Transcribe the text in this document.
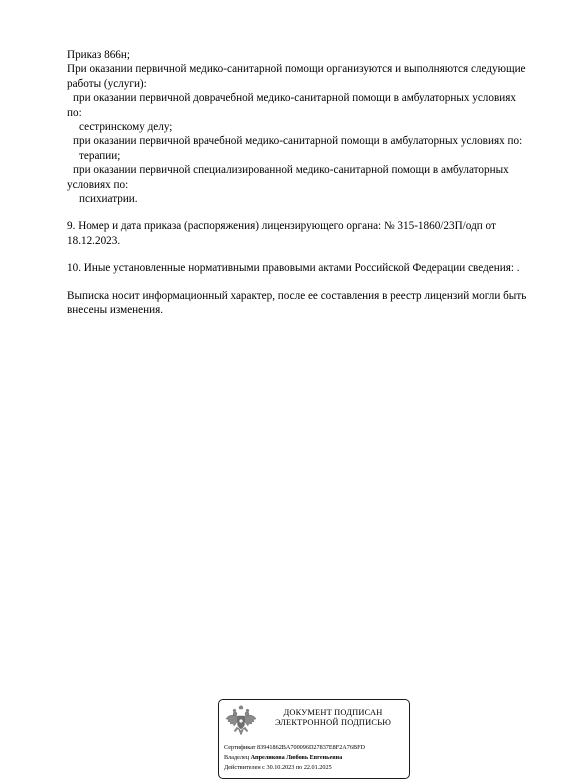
Приказ 866н;
При оказании первичной медико-санитарной помощи организуются и выполняются следующие
работы (услуги):
при оказании первичной доврачебной медико-санитарной помощи в амбулаторных условиях
по:
сестринскому делу;
при оказании первичной врачебной медико-санитарной помощи в амбулаторных условиях по:
терапии;
при оказании первичной специализированной медико-санитарной помощи в амбулаторных
условиях по:
психиатрии.
9. Номер и дата приказа (распоряжения) лицензирующего органа: № 315-1860/23П/одп от
18.12.2023.
10. Иные установленные нормативными правовыми актами Российской Федерации сведения: .
Выписка носит информационный характер, после ее составления в реестр лицензий могли быть
внесены изменения.
ДОКУМЕНТ ПОДПИСАН
ЭЛЕКТРОННОЙ ПОДПИСЬЮ
Сертификат 83941862BA700096D27837E8F2A76BFD
Владелец Апреликова Любовь Евгеньевна
Действителен с 30.10.2023 по 22.01.2025
